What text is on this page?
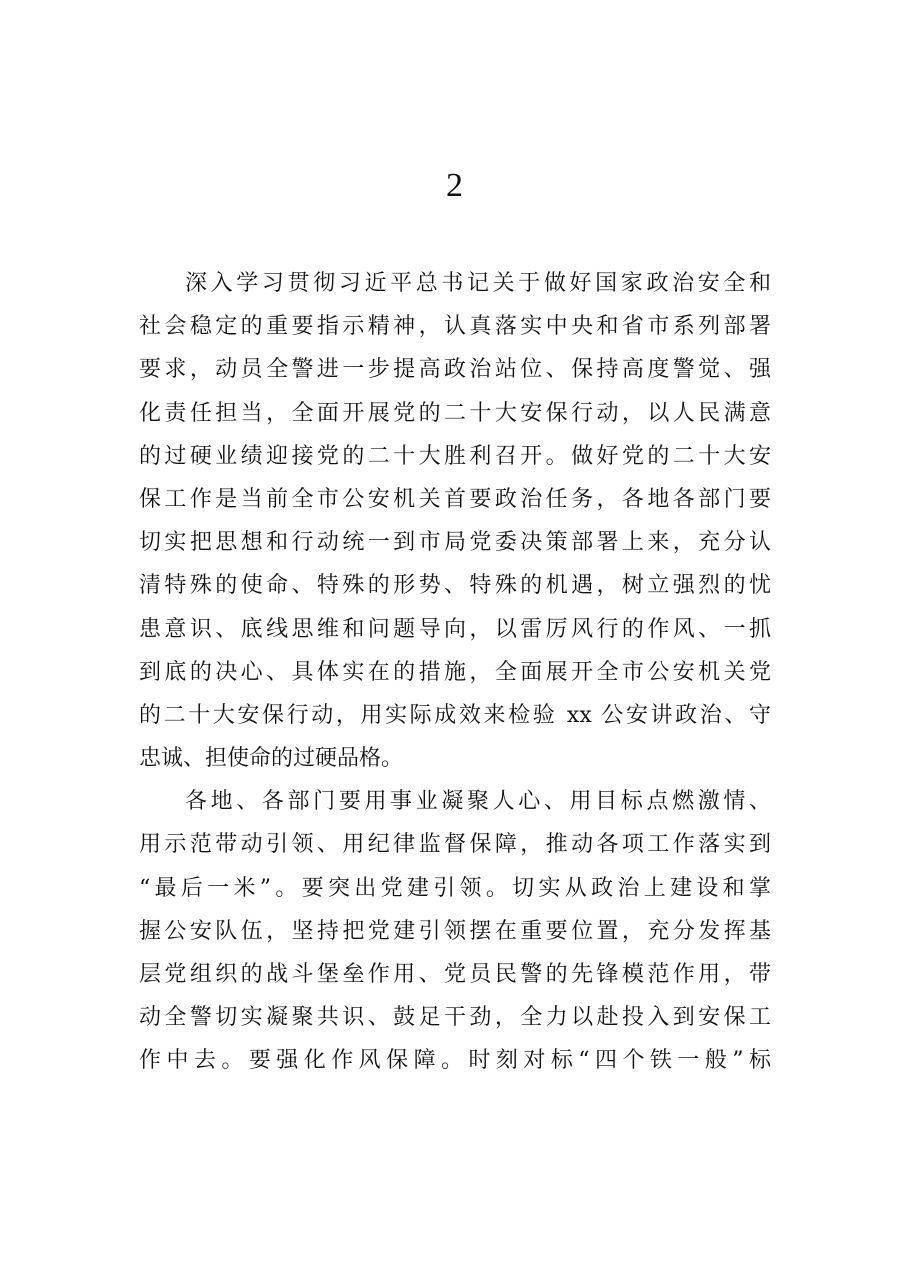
2
深入学习贯彻习近平总书记关于做好国家政治安全和
社会稳定的重要指示精神，认真落实中央和省市系列部署
要求，动员全警进一步提高政治站位、保持高度警觉、强
化责任担当，全面开展党的二十大安保行动，以人民满意
的过硬业绩迎接党的二十大胜利召开。做好党的二十大安
保工作是当前全市公安机关首要政治任务，各地各部门要
切实把思想和行动统一到市局党委决策部署上来，充分认
清特殊的使命、特殊的形势、特殊的机遇，树立强烈的忧
患意识、底线思维和问题导向，以雷厉风行的作风、一抓
到底的决心、具体实在的措施，全面展开全市公安机关党
的二十大安保行动，用实际成效来检验 xx 公安讲政治、守
忠诚、担使命的过硬品格。
各地、各部门要用事业凝聚人心、用目标点燃激情、
用示范带动引领、用纪律监督保障，推动各项工作落实到
“最后一米”。要突出党建引领。切实从政治上建设和掌
握公安队伍，坚持把党建引领摆在重要位置，充分发挥基
层党组织的战斗堡垒作用、党员民警的先锋模范作用，带
动全警切实凝聚共识、鼓足干劲，全力以赴投入到安保工
作中去。要强化作风保障。时刻对标“四个铁一般”标
